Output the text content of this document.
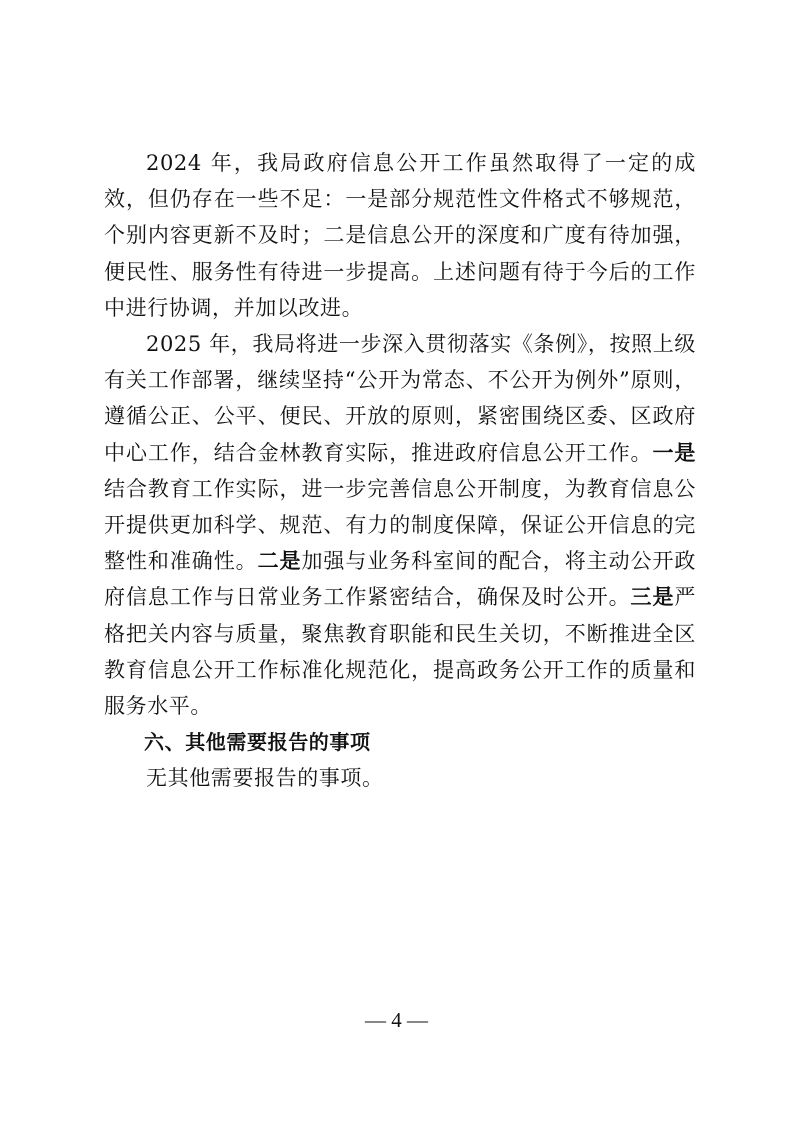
2024 年，我局政府信息公开工作虽然取得了一定的成效，但仍存在一些不足：一是部分规范性文件格式不够规范，个别内容更新不及时；二是信息公开的深度和广度有待加强，便民性、服务性有待进一步提高。上述问题有待于今后的工作中进行协调，并加以改进。

2025 年，我局将进一步深入贯彻落实《条例》，按照上级有关工作部署，继续坚持“公开为常态、不公开为例外”原则，遵循公正、公平、便民、开放的原则，紧密围绕区委、区政府中心工作，结合金林教育实际，推进政府信息公开工作。一是结合教育工作实际，进一步完善信息公开制度，为教育信息公开提供更加科学、规范、有力的制度保障，保证公开信息的完整性和准确性。二是加强与业务科室间的配合，将主动公开政府信息工作与日常业务工作紧密结合，确保及时公开。三是严格把关内容与质量，聚焦教育职能和民生关切，不断推进全区教育信息公开工作标准化规范化，提高政务公开工作的质量和服务水平。

六、其他需要报告的事项

无其他需要报告的事项。

— 4 —
